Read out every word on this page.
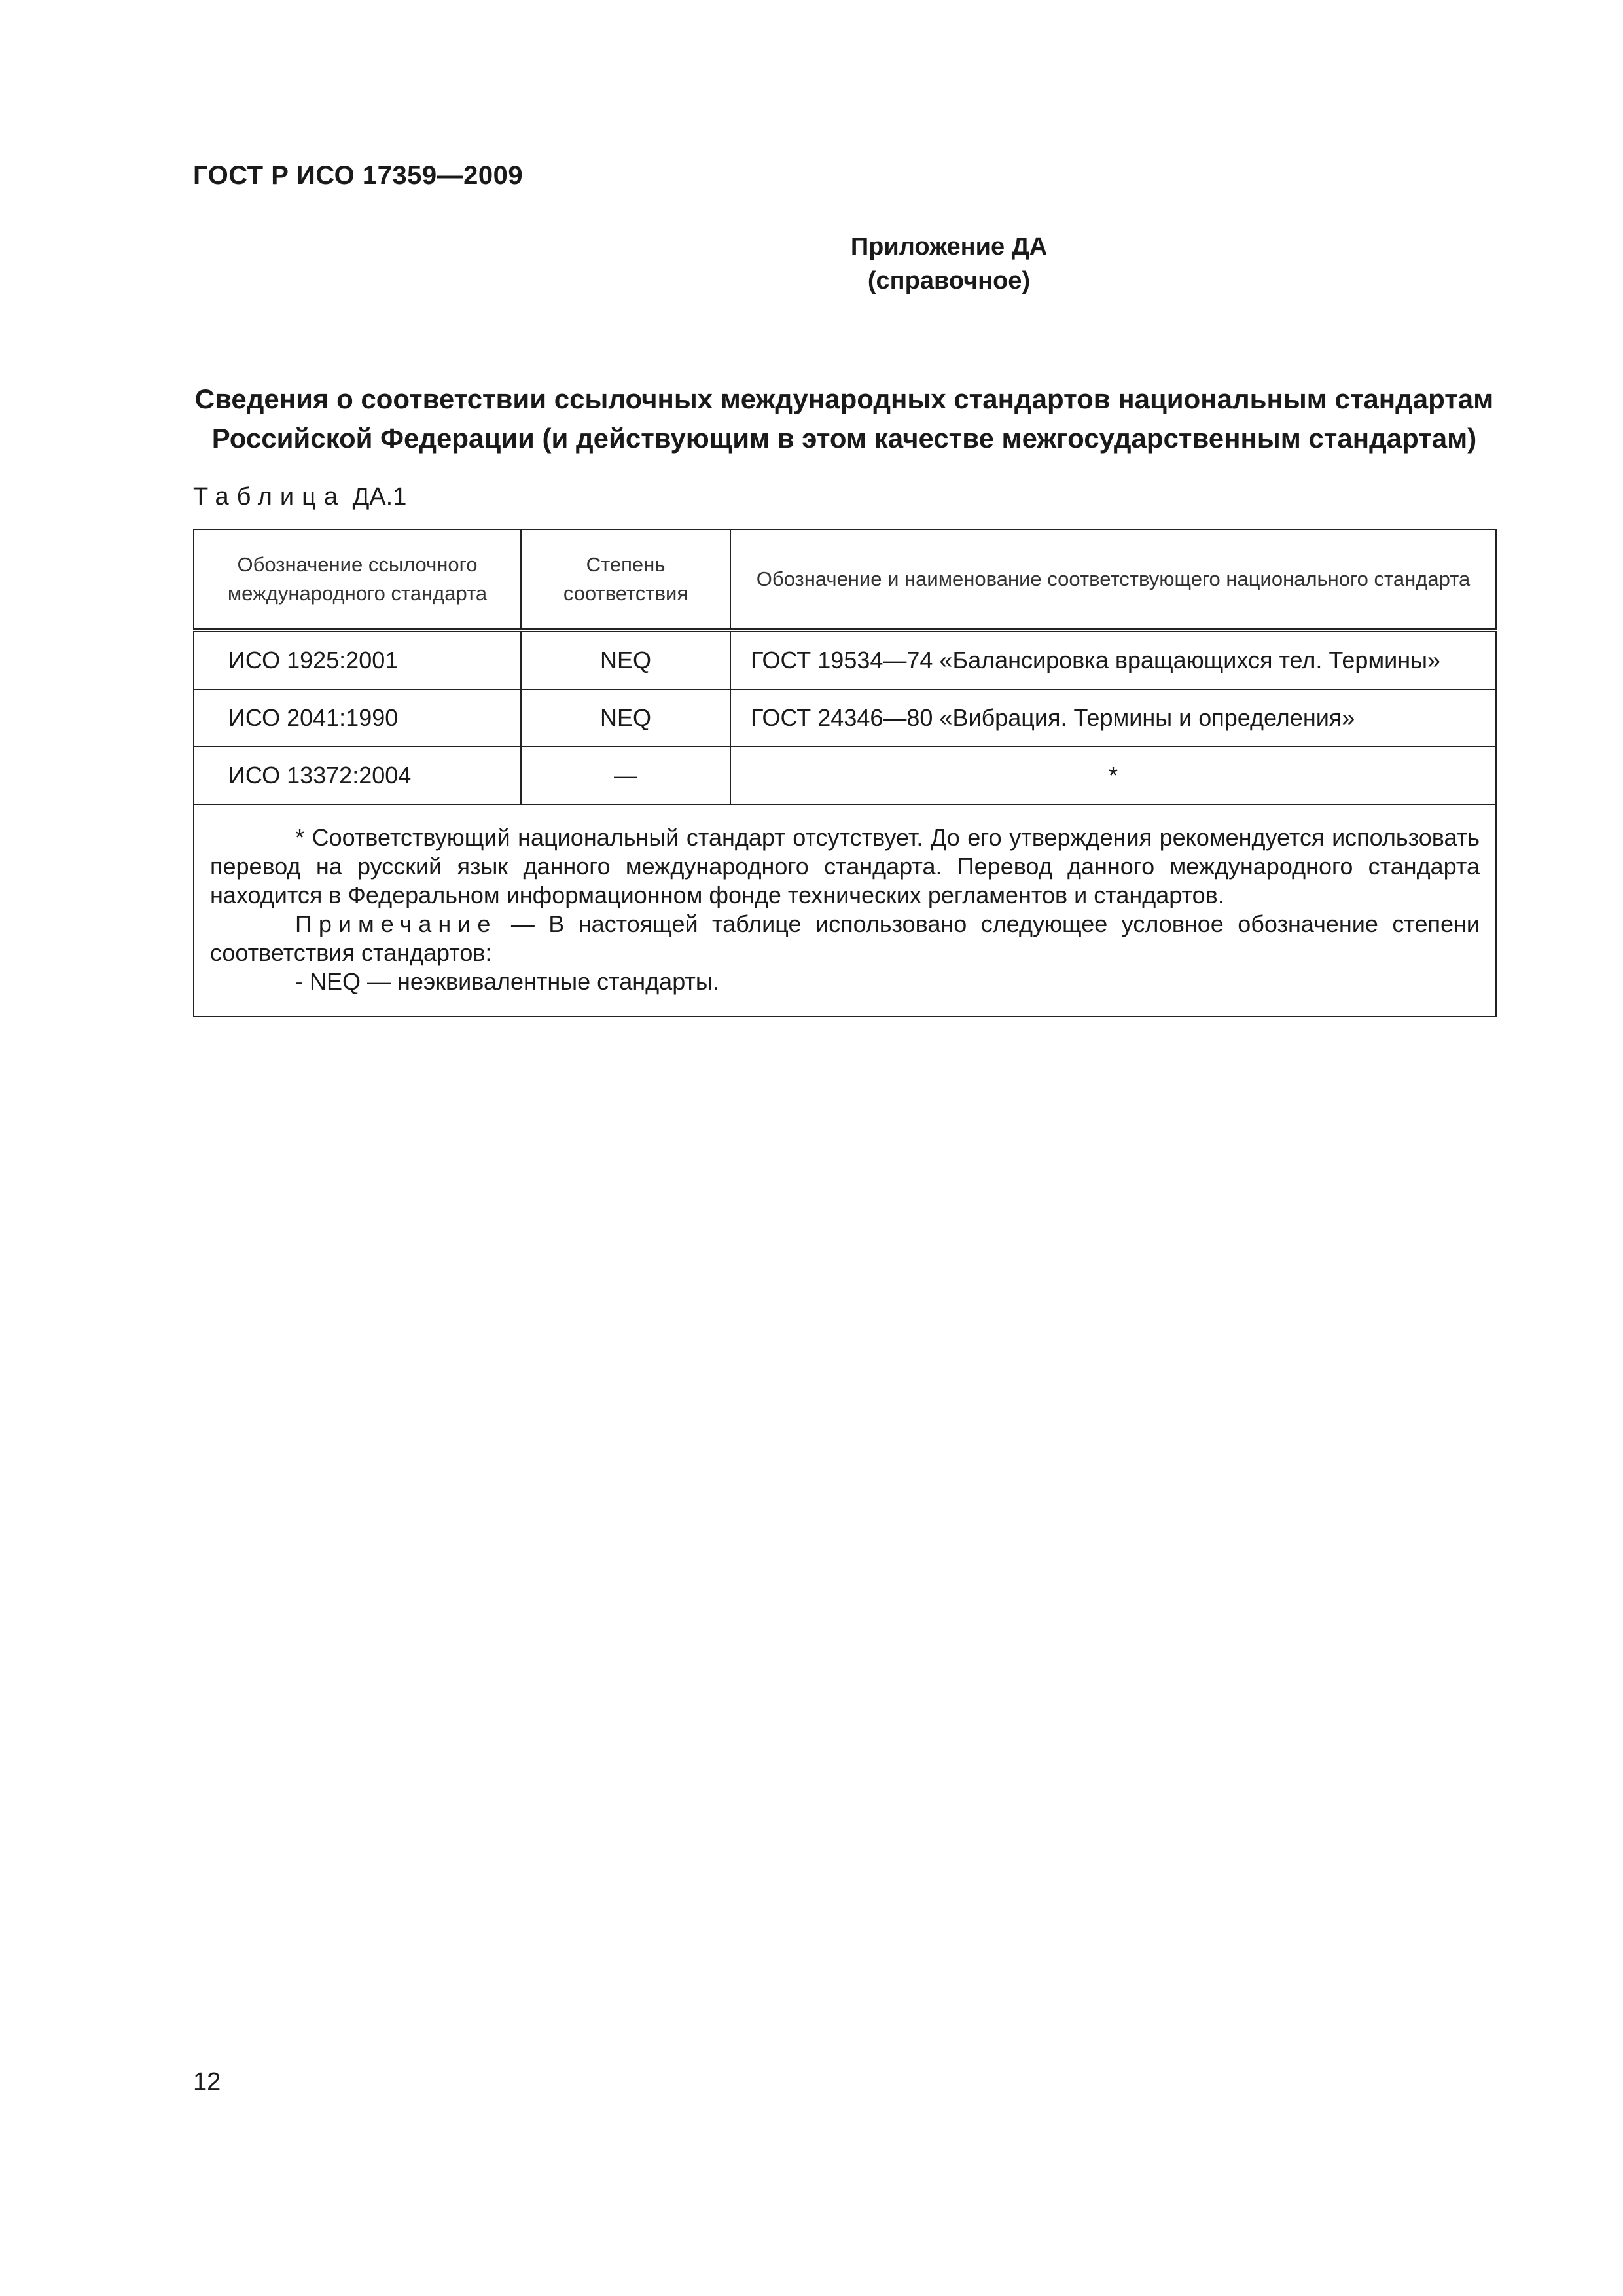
ГОСТ Р ИСО 17359—2009
Приложение ДА
(справочное)
Сведения о соответствии ссылочных международных стандартов национальным стандартам
Российской Федерации (и действующим в этом качестве межгосударственным стандартам)
Таблица ДА.1
Обозначение ссылочного международного стандарта	Степень соответствия	Обозначение и наименование соответствующего национального стандарта
ИСО 1925:2001	NEQ	ГОСТ 19534—74 «Балансировка вращающихся тел. Термины»
ИСО 2041:1990	NEQ	ГОСТ 24346—80 «Вибрация. Термины и определения»
ИСО 13372:2004	—	*

* Соответствующий национальный стандарт отсутствует. До его утверждения рекомендуется использовать перевод на русский язык данного международного стандарта. Перевод данного международного стандарта находится в Федеральном информационном фонде технических регламентов и стандартов.

Примечание — В настоящей таблице использовано следующее условное обозначение степени соответствия стандартов:

- NEQ — неэквивалентные стандарты.		

12
